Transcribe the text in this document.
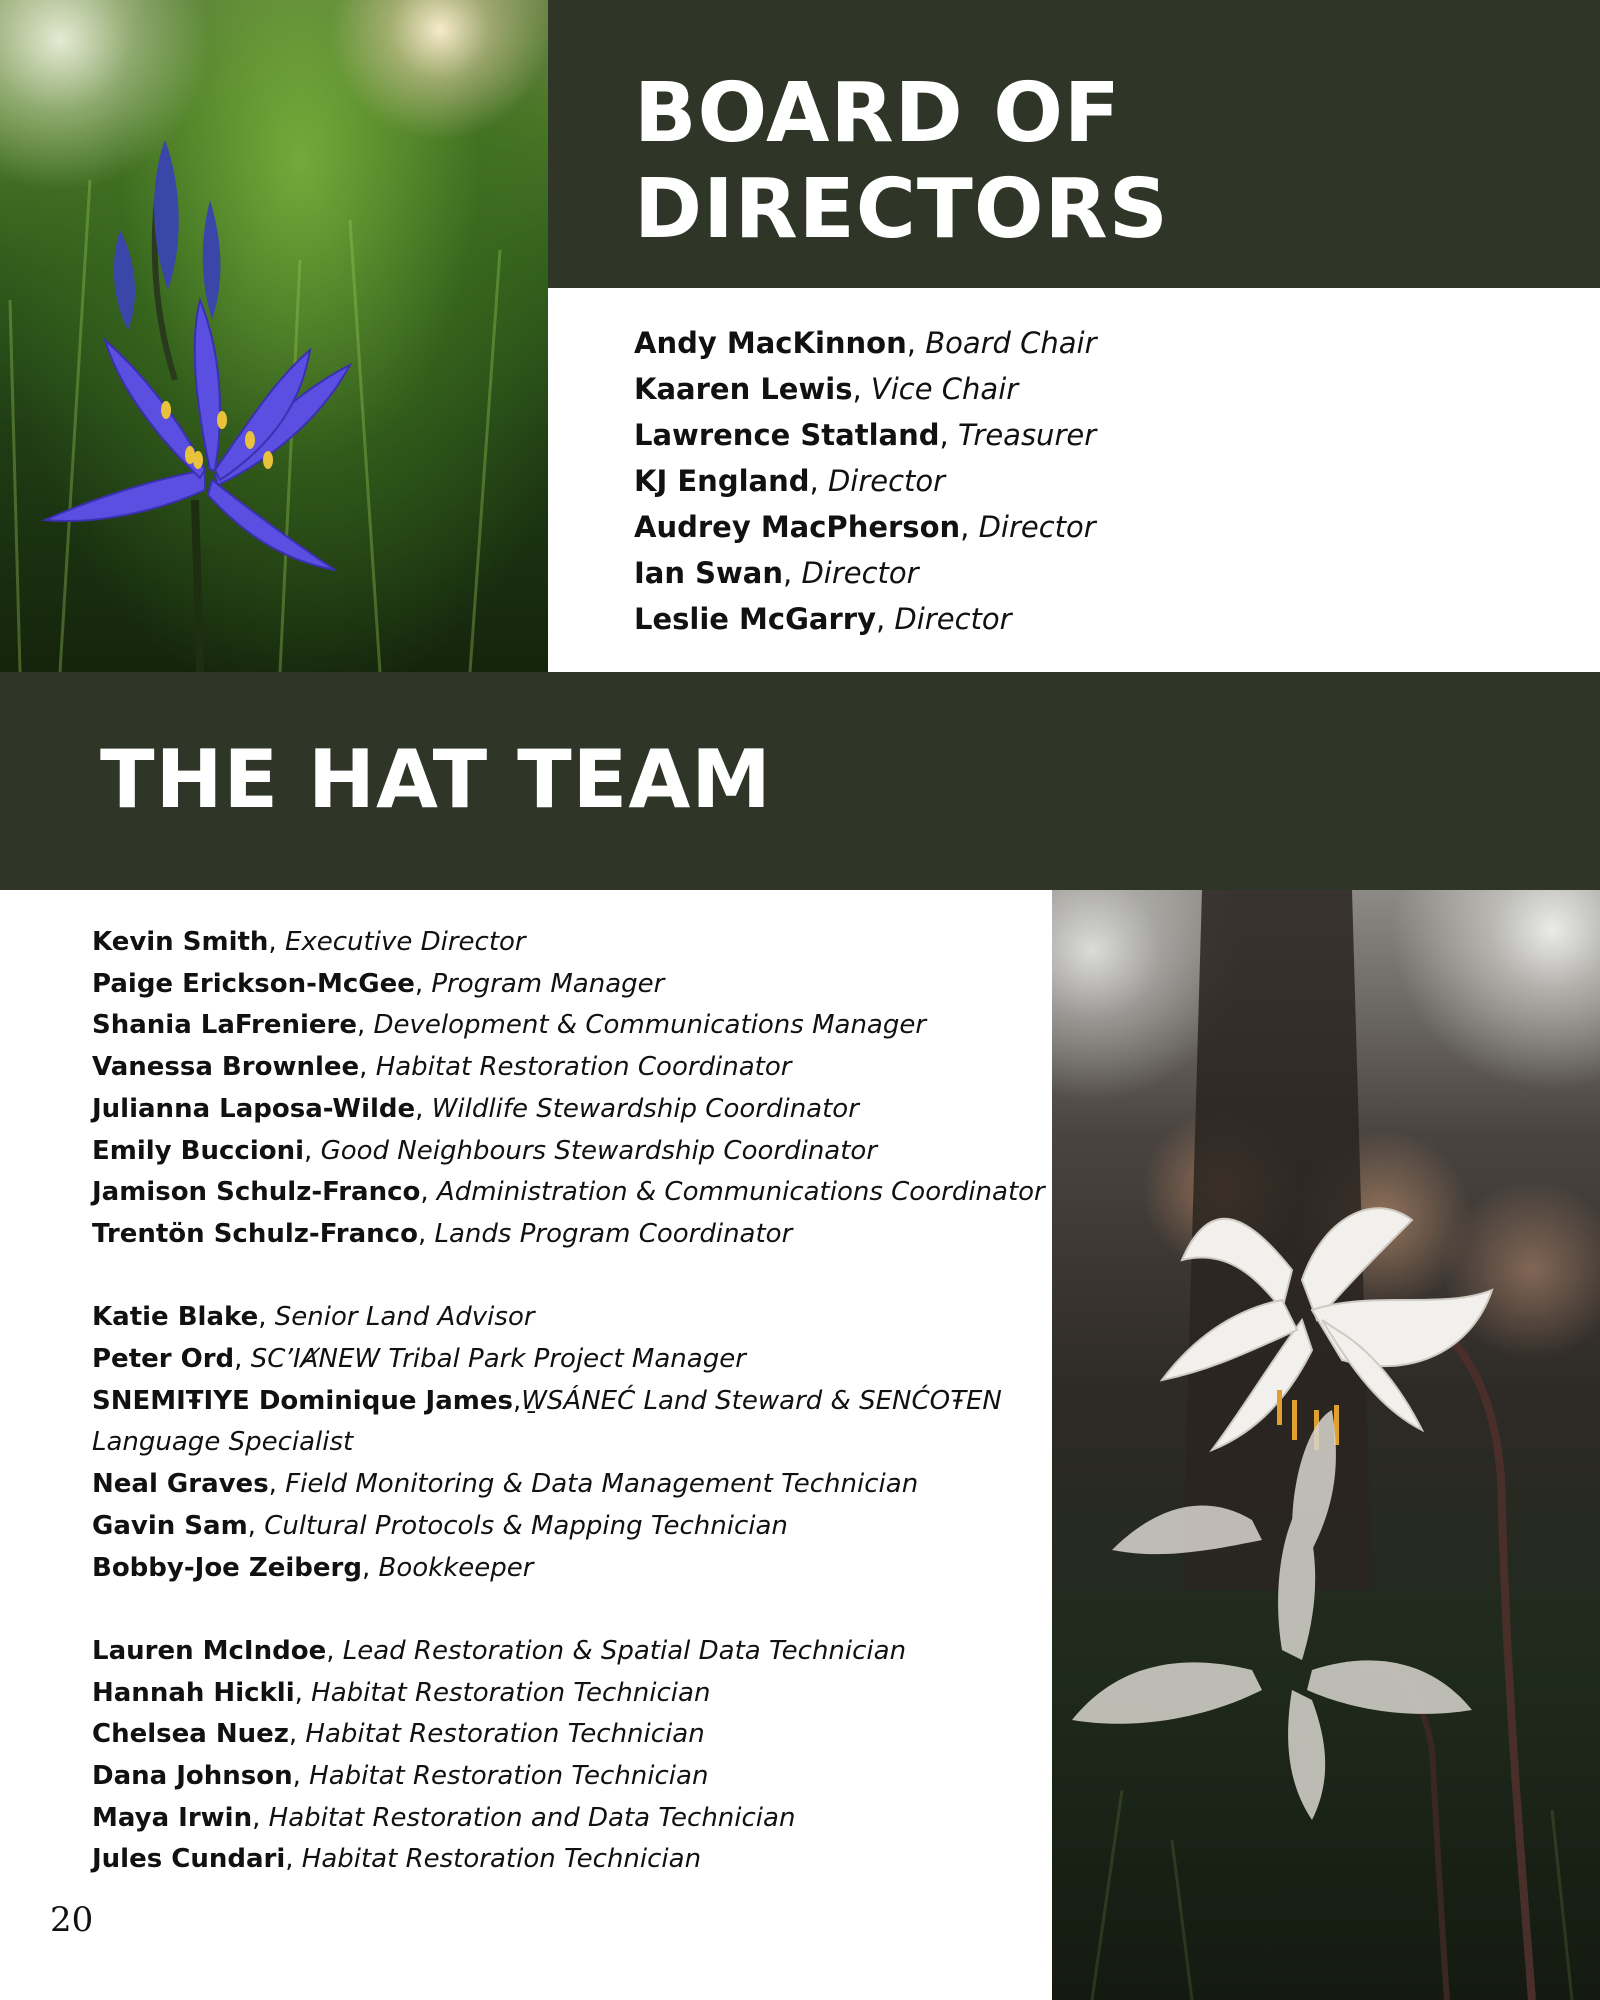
BOARD OF
DIRECTORS
Andy MacKinnon, Board Chair
Kaaren Lewis, Vice Chair
Lawrence Statland, Treasurer
KJ England, Director
Audrey MacPherson, Director
Ian Swan, Director
Leslie McGarry, Director
THE HAT TEAM
Kevin Smith, Executive Director
Paige Erickson-McGee, Program Manager
Shania LaFreniere, Development & Communications Manager
Vanessa Brownlee, Habitat Restoration Coordinator
Julianna Laposa-Wilde, Wildlife Stewardship Coordinator
Emily Buccioni, Good Neighbours Stewardship Coordinator
Jamison Schulz-Franco, Administration & Communications Coordinator
Trentön Schulz-Franco, Lands Program Coordinator
Katie Blake, Senior Land Advisor
Peter Ord, SC’IȺNEW Tribal Park Project Manager
SNEMIŦIYE Dominique James,W̱SÁNEĆ Land Steward & SENĆOŦEN Language Specialist
Neal Graves, Field Monitoring & Data Management Technician
Gavin Sam, Cultural Protocols & Mapping Technician
Bobby-Joe Zeiberg, Bookkeeper
Lauren McIndoe, Lead Restoration & Spatial Data Technician
Hannah Hickli, Habitat Restoration Technician
Chelsea Nuez, Habitat Restoration Technician
Dana Johnson, Habitat Restoration Technician
Maya Irwin, Habitat Restoration and Data Technician
Jules Cundari, Habitat Restoration Technician
20
